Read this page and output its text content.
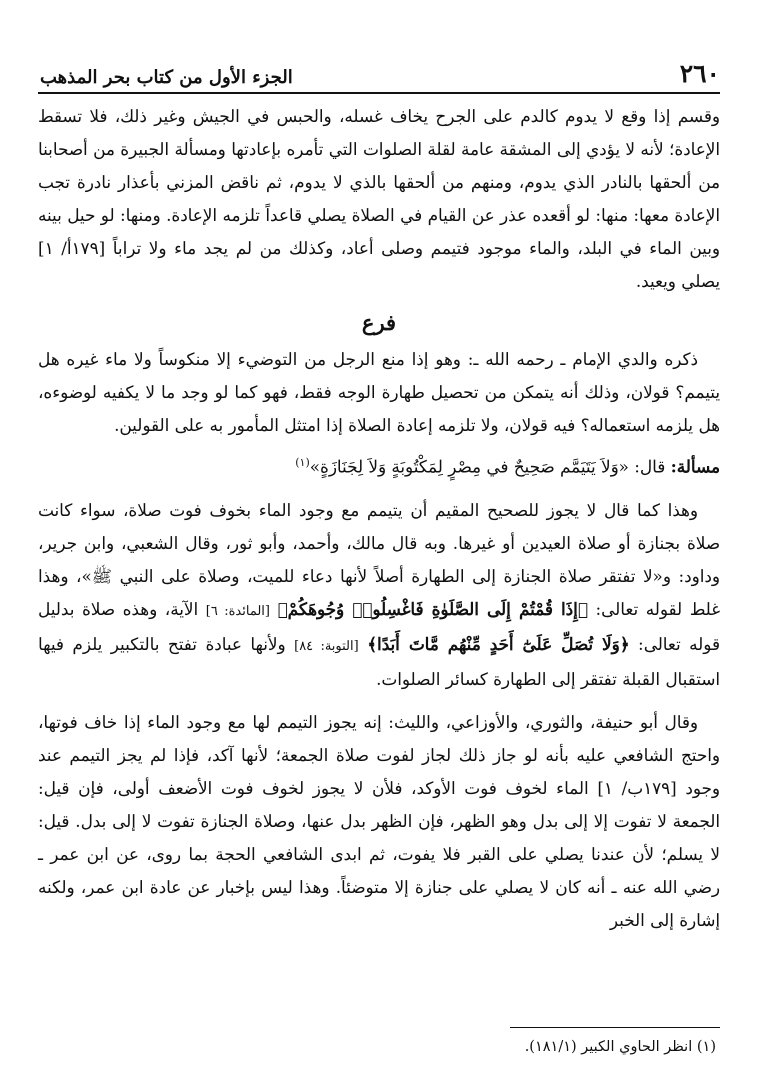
٢٦٠
الجزء الأول من كتاب بحر المذهب

وقسم إذا وقع لا يدوم كالدم على الجرح يخاف غسله، والحبس في الجيش وغير ذلك، فلا تسقط الإعادة؛ لأنه لا يؤدي إلى المشقة عامة لقلة الصلوات التي تأمره بإعادتها ومسألة الجبيرة من أصحابنا من ألحقها بالنادر الذي يدوم، ومنهم من ألحقها بالذي لا يدوم، ثم ناقض المزني بأعذار نادرة تجب الإعادة معها: منها: لو أقعده عذر عن القيام في الصلاة يصلي قاعداً تلزمه الإعادة. ومنها: لو حيل بينه وبين الماء في البلد، والماء موجود فتيمم وصلى أعاد، وكذلك من لم يجد ماء ولا تراباً [١٧٩أ/ ١] يصلي ويعيد.

فرع

ذكره والدي الإمام ـ رحمه الله ـ: وهو إذا منع الرجل من التوضيء إلا منكوساً ولا ماء غيره هل يتيمم؟ قولان، وذلك أنه يتمكن من تحصيل طهارة الوجه فقط، فهو كما لو وجد ما لا يكفيه لوضوءه، هل يلزمه استعماله؟ فيه قولان، ولا تلزمه إعادة الصلاة إذا امتثل المأمور به على القولين.

مسألة: قال: «وَلاَ يَتَيَمَّم صَحِيحٌ في مِصْرٍ لِمَكْتُوبَةٍ وَلاَ لِجَنَازَةٍ»$^{(١)}$

وهذا كما قال لا يجوز للصحيح المقيم أن يتيمم مع وجود الماء بخوف فوت صلاة، سواء كانت صلاة بجنازة أو صلاة العيدين أو غيرها. وبه قال مالك، وأحمد، وأبو ثور، وقال الشعبي، وابن جرير، وداود: و«لا تفتقر صلاة الجنازة إلى الطهارة أصلاً لأنها دعاء للميت، وصلاة على النبي ﷺ»، وهذا غلط لقوله تعالى: ﴿إِذَا قُمْتُمْ إِلَى الصَّلَوٰةِ فَاغْسِلُوا۟ وُجُوهَكُمْ﴾ [المائدة: ٦] الآية، وهذه صلاة بدليل قوله تعالى: ﴿وَلَا تُصَلِّ عَلَىٰٓ أَحَدٍ مِّنْهُم مَّاتَ أَبَدًا﴾ [التوبة: ٨٤] ولأنها عبادة تفتح بالتكبير يلزم فيها استقبال القبلة تفتقر إلى الطهارة كسائر الصلوات.

وقال أبو حنيفة، والثوري، والأوزاعي، والليث: إنه يجوز التيمم لها مع وجود الماء إذا خاف فوتها، واحتج الشافعي عليه بأنه لو جاز ذلك لجاز لفوت صلاة الجمعة؛ لأنها آكد، فإذا لم يجز التيمم عند وجود [١٧٩ب/ ١] الماء لخوف فوت الأوكد، فلأن لا يجوز لخوف فوت الأضعف أولى، فإن قيل: الجمعة لا تفوت إلا إلى بدل وهو الظهر، فإن الظهر بدل عنها، وصلاة الجنازة تفوت لا إلى بدل. قيل: لا يسلم؛ لأن عندنا يصلي على القبر فلا يفوت، ثم ابدى الشافعي الحجة بما روى، عن ابن عمر ـ رضي الله عنه ـ أنه كان لا يصلي على جنازة إلا متوضئاً. وهذا ليس بإخبار عن عادة ابن عمر، ولكنه إشارة إلى الخبر

(١) انظر الحاوي الكبير (١٨١/١).
